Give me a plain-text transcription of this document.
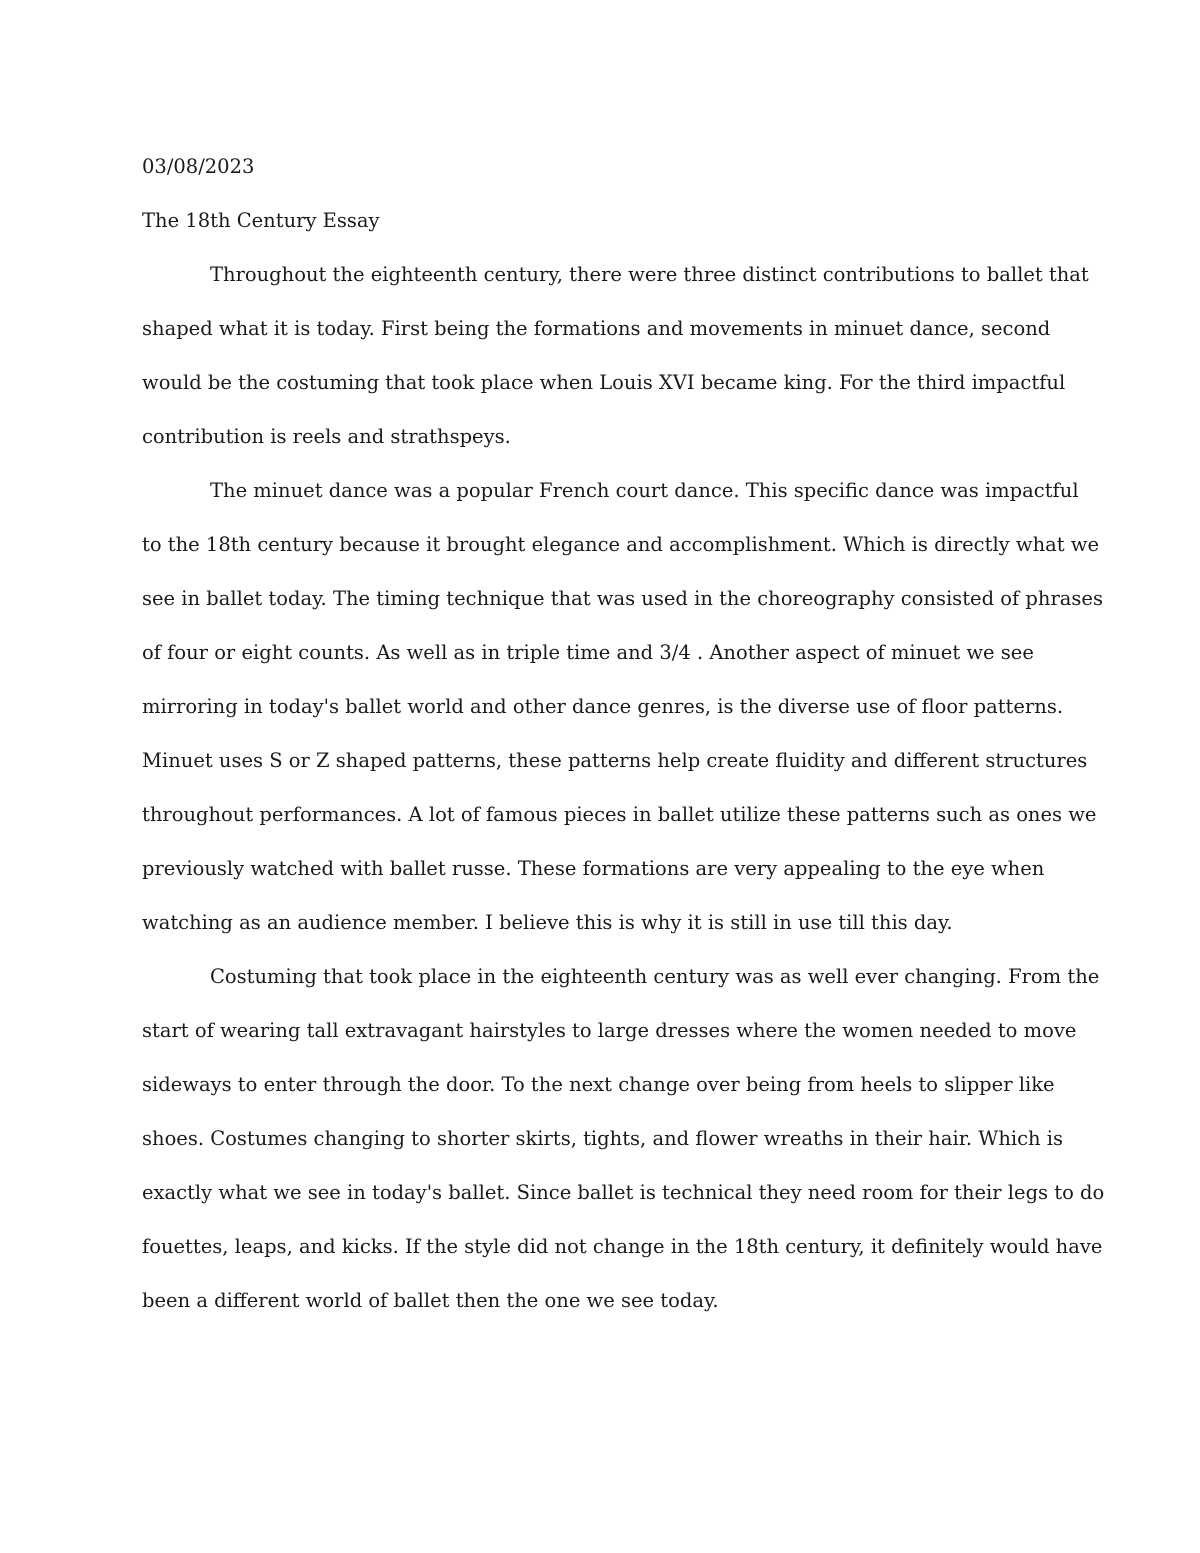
03/08/2023
The 18th Century Essay
Throughout the eighteenth century, there were three distinct contributions to ballet that
shaped what it is today. First being the formations and movements in minuet dance, second
would be the costuming that took place when Louis XVI became king. For the third impactful
contribution is reels and strathspeys.
The minuet dance was a popular French court dance. This specific dance was impactful
to the 18th century because it brought elegance and accomplishment. Which is directly what we
see in ballet today. The timing technique that was used in the choreography consisted of phrases
of four or eight counts. As well as in triple time and 3/4 . Another aspect of minuet we see
mirroring in today's ballet world and other dance genres, is the diverse use of floor patterns.
Minuet uses S or Z shaped patterns, these patterns help create fluidity and different structures
throughout performances. A lot of famous pieces in ballet utilize these patterns such as ones we
previously watched with ballet russe. These formations are very appealing to the eye when
watching as an audience member. I believe this is why it is still in use till this day.
Costuming that took place in the eighteenth century was as well ever changing. From the
start of wearing tall extravagant hairstyles to large dresses where the women needed to move
sideways to enter through the door. To the next change over being from heels to slipper like
shoes. Costumes changing to shorter skirts, tights, and flower wreaths in their hair. Which is
exactly what we see in today's ballet. Since ballet is technical they need room for their legs to do
fouettes, leaps, and kicks. If the style did not change in the 18th century, it definitely would have
been a different world of ballet then the one we see today.
